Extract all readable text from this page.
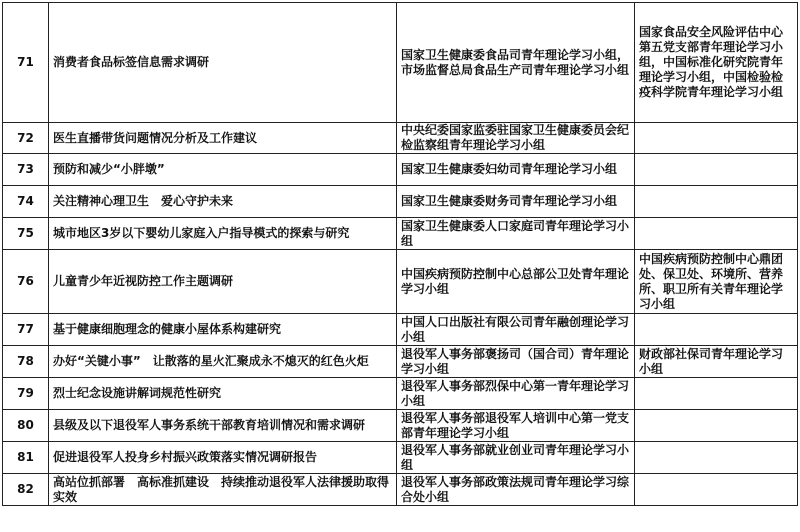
71	消费者食品标签信息需求调研	国家卫生健康委食品司青年理论学习小组，市场监督总局食品生产司青年理论学习小组	国家食品安全风险评估中心第五党支部青年理论学习小组，中国标准化研究院青年理论学习小组，中国检验检疫科学院青年理论学习小组
72	医生直播带货问题情况分析及工作建议	中央纪委国家监委驻国家卫生健康委员会纪检监察组青年理论学习小组	
73	预防和减少“小胖墩”	国家卫生健康委妇幼司青年理论学习小组	
74	关注精神心理卫生　爱心守护未来	国家卫生健康委财务司青年理论学习小组	
75	城市地区3岁以下婴幼儿家庭入户指导模式的探索与研究	国家卫生健康委人口家庭司青年理论学习小组	
76	儿童青少年近视防控工作主题调研	中国疾病预防控制中心总部公卫处青年理论学习小组	中国疾病预防控制中心鼎团处、保卫处、环境所、营养所、职卫所有关青年理论学习小组
77	基于健康细胞理念的健康小屋体系构建研究	中国人口出版社有限公司青年融创理论学习小组	
78	办好“关键小事”　让散落的星火汇聚成永不熄灭的红色火炬	退役军人事务部褒扬司（国合司）青年理论学习小组	财政部社保司青年理论学习小组
79	烈士纪念设施讲解词规范性研究	退役军人事务部烈保中心第一青年理论学习小组	
80	县级及以下退役军人事务系统干部教育培训情况和需求调研	退役军人事务部退役军人培训中心第一党支部青年理论学习小组	
81	促进退役军人投身乡村振兴政策落实情况调研报告	退役军人事务部就业创业司青年理论学习小组	
82	高站位抓部署　高标准抓建设　持续推动退役军人法律援助取得实效	退役军人事务部政策法规司青年理论学习综合处小组	
